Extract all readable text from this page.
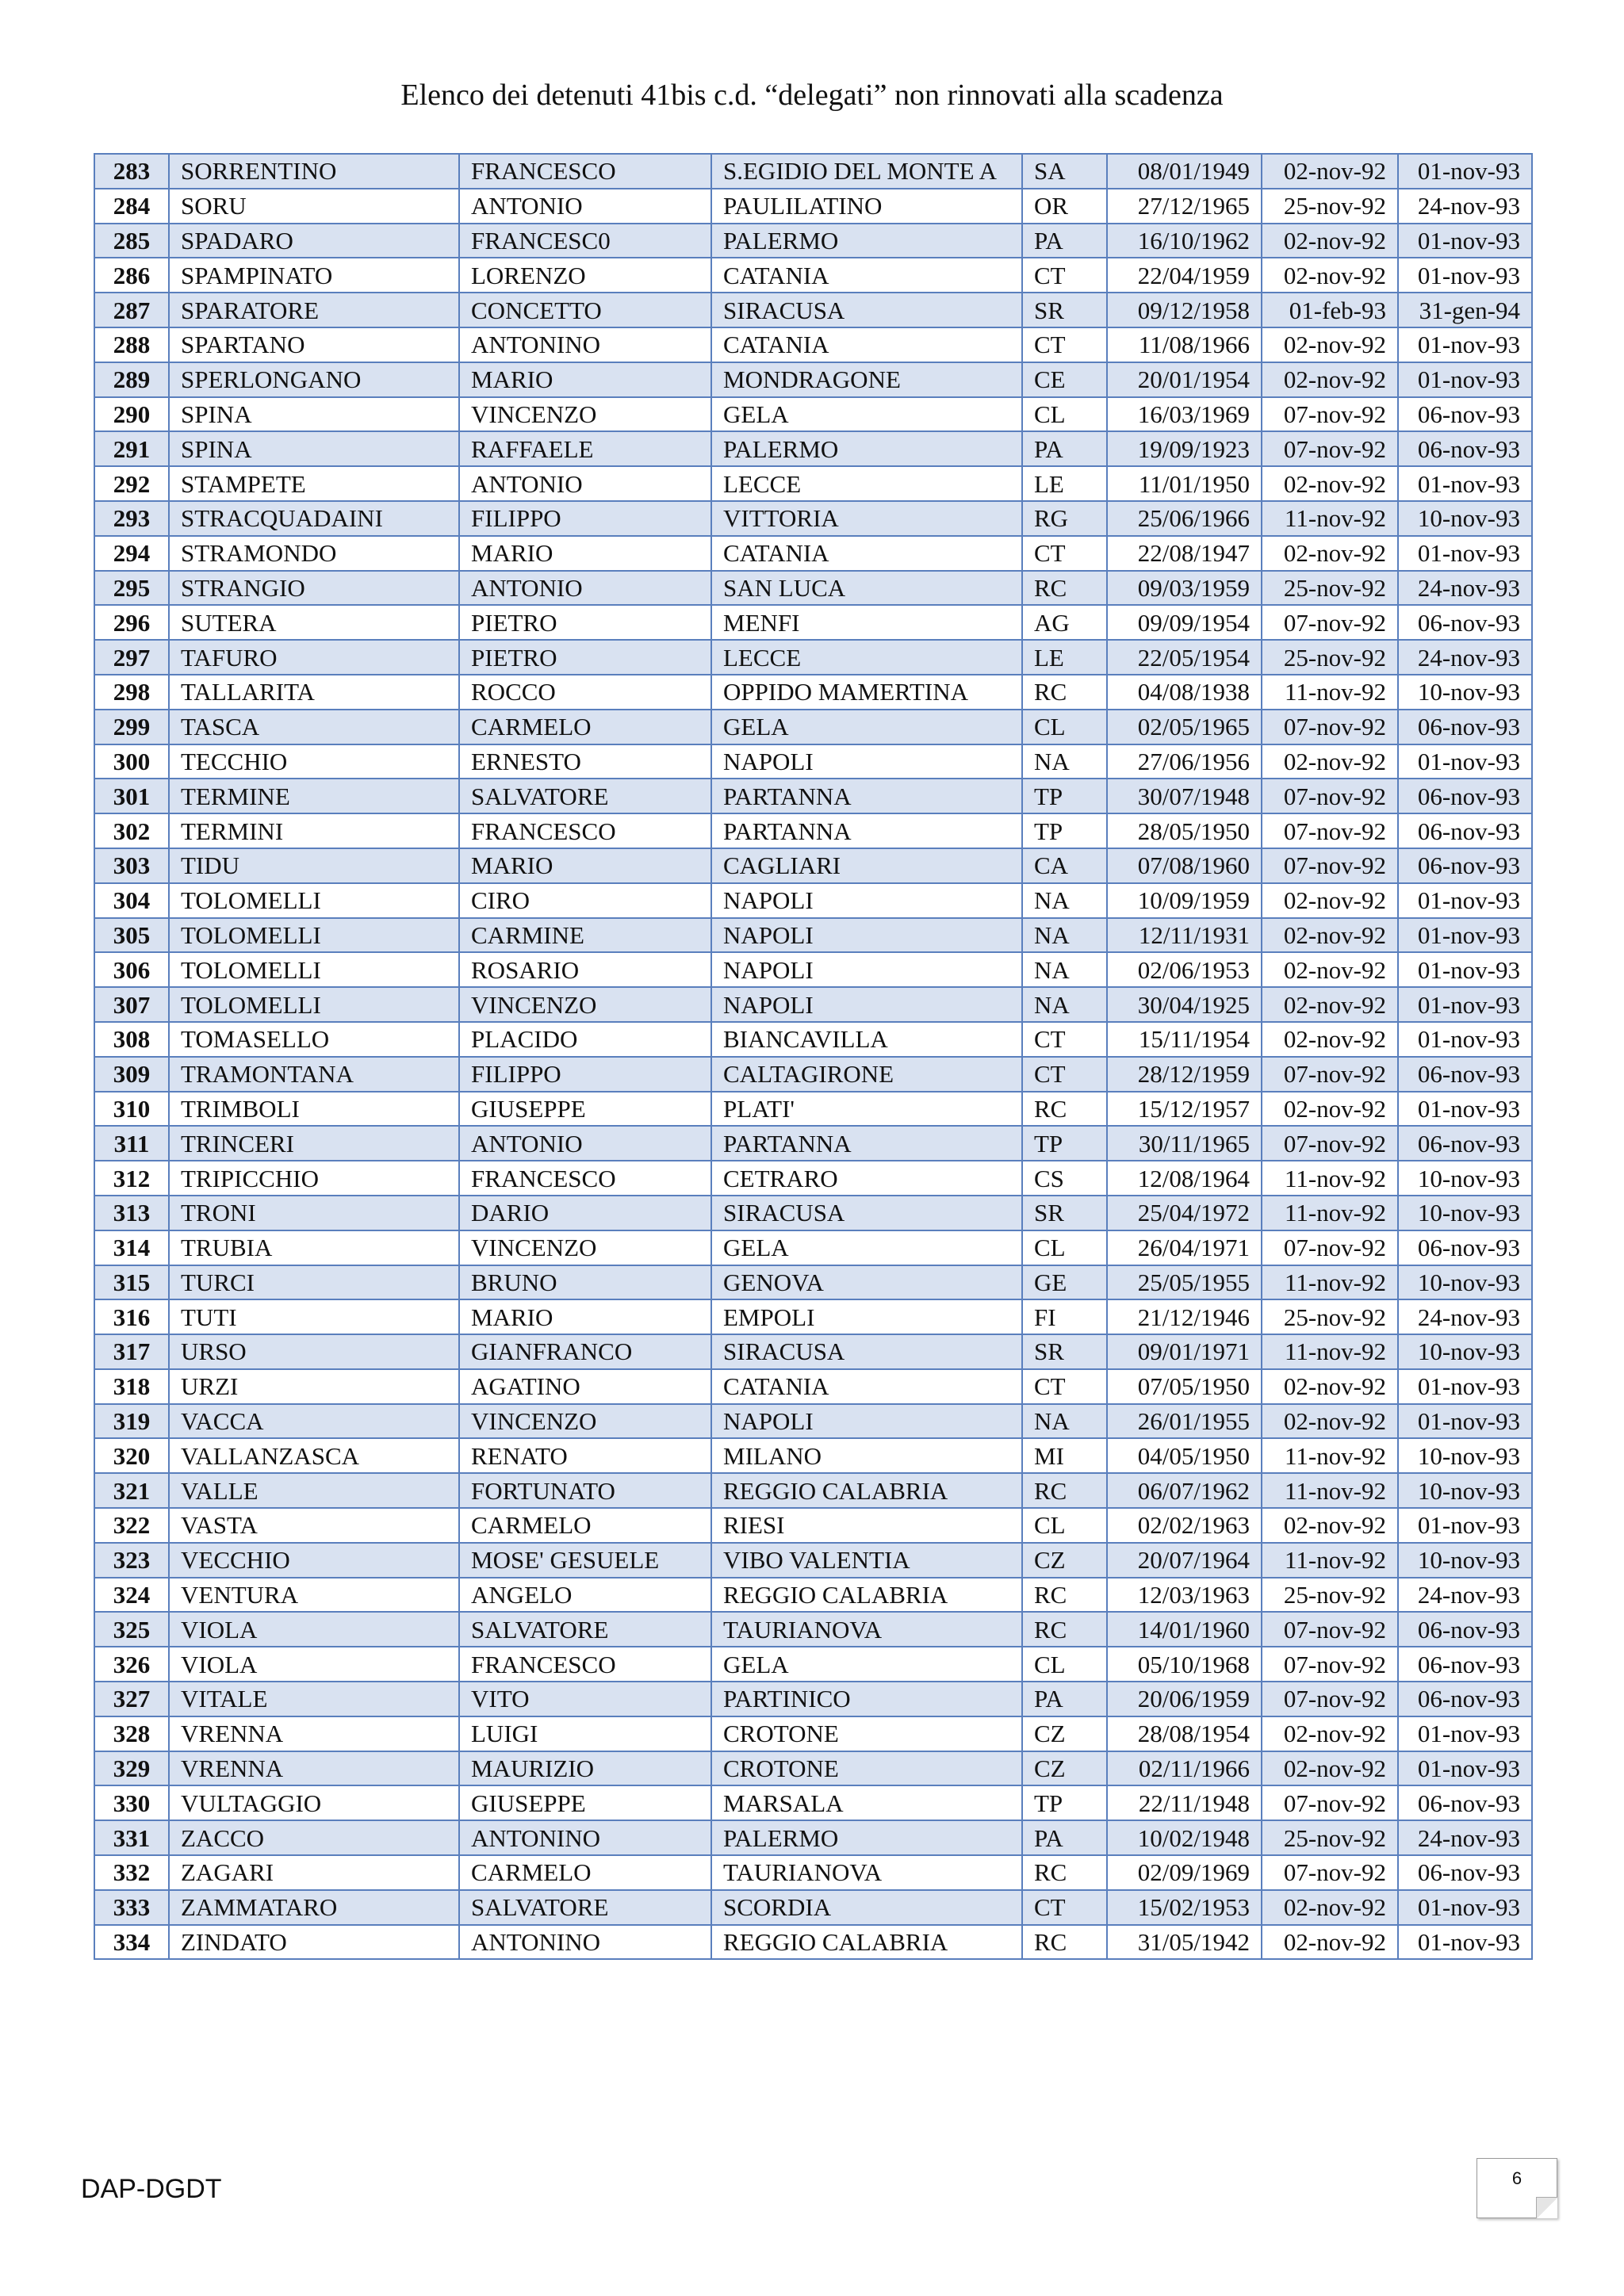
Elenco dei detenuti 41bis c.d. “delegati” non rinnovati alla scadenza
283	SORRENTINO	FRANCESCO	S.EGIDIO DEL MONTE A	SA	08/01/1949	02-nov-92	01-nov-93
284	SORU	ANTONIO	PAULILATINO	OR	27/12/1965	25-nov-92	24-nov-93
285	SPADARO	FRANCESC0	PALERMO	PA	16/10/1962	02-nov-92	01-nov-93
286	SPAMPINATO	LORENZO	CATANIA	CT	22/04/1959	02-nov-92	01-nov-93
287	SPARATORE	CONCETTO	SIRACUSA	SR	09/12/1958	01-feb-93	31-gen-94
288	SPARTANO	ANTONINO	CATANIA	CT	11/08/1966	02-nov-92	01-nov-93
289	SPERLONGANO	MARIO	MONDRAGONE	CE	20/01/1954	02-nov-92	01-nov-93
290	SPINA	VINCENZO	GELA	CL	16/03/1969	07-nov-92	06-nov-93
291	SPINA	RAFFAELE	PALERMO	PA	19/09/1923	07-nov-92	06-nov-93
292	STAMPETE	ANTONIO	LECCE	LE	11/01/1950	02-nov-92	01-nov-93
293	STRACQUADAINI	FILIPPO	VITTORIA	RG	25/06/1966	11-nov-92	10-nov-93
294	STRAMONDO	MARIO	CATANIA	CT	22/08/1947	02-nov-92	01-nov-93
295	STRANGIO	ANTONIO	SAN LUCA	RC	09/03/1959	25-nov-92	24-nov-93
296	SUTERA	PIETRO	MENFI	AG	09/09/1954	07-nov-92	06-nov-93
297	TAFURO	PIETRO	LECCE	LE	22/05/1954	25-nov-92	24-nov-93
298	TALLARITA	ROCCO	OPPIDO MAMERTINA	RC	04/08/1938	11-nov-92	10-nov-93
299	TASCA	CARMELO	GELA	CL	02/05/1965	07-nov-92	06-nov-93
300	TECCHIO	ERNESTO	NAPOLI	NA	27/06/1956	02-nov-92	01-nov-93
301	TERMINE	SALVATORE	PARTANNA	TP	30/07/1948	07-nov-92	06-nov-93
302	TERMINI	FRANCESCO	PARTANNA	TP	28/05/1950	07-nov-92	06-nov-93
303	TIDU	MARIO	CAGLIARI	CA	07/08/1960	07-nov-92	06-nov-93
304	TOLOMELLI	CIRO	NAPOLI	NA	10/09/1959	02-nov-92	01-nov-93
305	TOLOMELLI	CARMINE	NAPOLI	NA	12/11/1931	02-nov-92	01-nov-93
306	TOLOMELLI	ROSARIO	NAPOLI	NA	02/06/1953	02-nov-92	01-nov-93
307	TOLOMELLI	VINCENZO	NAPOLI	NA	30/04/1925	02-nov-92	01-nov-93
308	TOMASELLO	PLACIDO	BIANCAVILLA	CT	15/11/1954	02-nov-92	01-nov-93
309	TRAMONTANA	FILIPPO	CALTAGIRONE	CT	28/12/1959	07-nov-92	06-nov-93
310	TRIMBOLI	GIUSEPPE	PLATI'	RC	15/12/1957	02-nov-92	01-nov-93
311	TRINCERI	ANTONIO	PARTANNA	TP	30/11/1965	07-nov-92	06-nov-93
312	TRIPICCHIO	FRANCESCO	CETRARO	CS	12/08/1964	11-nov-92	10-nov-93
313	TRONI	DARIO	SIRACUSA	SR	25/04/1972	11-nov-92	10-nov-93
314	TRUBIA	VINCENZO	GELA	CL	26/04/1971	07-nov-92	06-nov-93
315	TURCI	BRUNO	GENOVA	GE	25/05/1955	11-nov-92	10-nov-93
316	TUTI	MARIO	EMPOLI	FI	21/12/1946	25-nov-92	24-nov-93
317	URSO	GIANFRANCO	SIRACUSA	SR	09/01/1971	11-nov-92	10-nov-93
318	URZI	AGATINO	CATANIA	CT	07/05/1950	02-nov-92	01-nov-93
319	VACCA	VINCENZO	NAPOLI	NA	26/01/1955	02-nov-92	01-nov-93
320	VALLANZASCA	RENATO	MILANO	MI	04/05/1950	11-nov-92	10-nov-93
321	VALLE	FORTUNATO	REGGIO CALABRIA	RC	06/07/1962	11-nov-92	10-nov-93
322	VASTA	CARMELO	RIESI	CL	02/02/1963	02-nov-92	01-nov-93
323	VECCHIO	MOSE' GESUELE	VIBO VALENTIA	CZ	20/07/1964	11-nov-92	10-nov-93
324	VENTURA	ANGELO	REGGIO CALABRIA	RC	12/03/1963	25-nov-92	24-nov-93
325	VIOLA	SALVATORE	TAURIANOVA	RC	14/01/1960	07-nov-92	06-nov-93
326	VIOLA	FRANCESCO	GELA	CL	05/10/1968	07-nov-92	06-nov-93
327	VITALE	VITO	PARTINICO	PA	20/06/1959	07-nov-92	06-nov-93
328	VRENNA	LUIGI	CROTONE	CZ	28/08/1954	02-nov-92	01-nov-93
329	VRENNA	MAURIZIO	CROTONE	CZ	02/11/1966	02-nov-92	01-nov-93
330	VULTAGGIO	GIUSEPPE	MARSALA	TP	22/11/1948	07-nov-92	06-nov-93
331	ZACCO	ANTONINO	PALERMO	PA	10/02/1948	25-nov-92	24-nov-93
332	ZAGARI	CARMELO	TAURIANOVA	RC	02/09/1969	07-nov-92	06-nov-93
333	ZAMMATARO	SALVATORE	SCORDIA	CT	15/02/1953	02-nov-92	01-nov-93
334	ZINDATO	ANTONINO	REGGIO CALABRIA	RC	31/05/1942	02-nov-92	01-nov-93
DAP-DGDT	6
